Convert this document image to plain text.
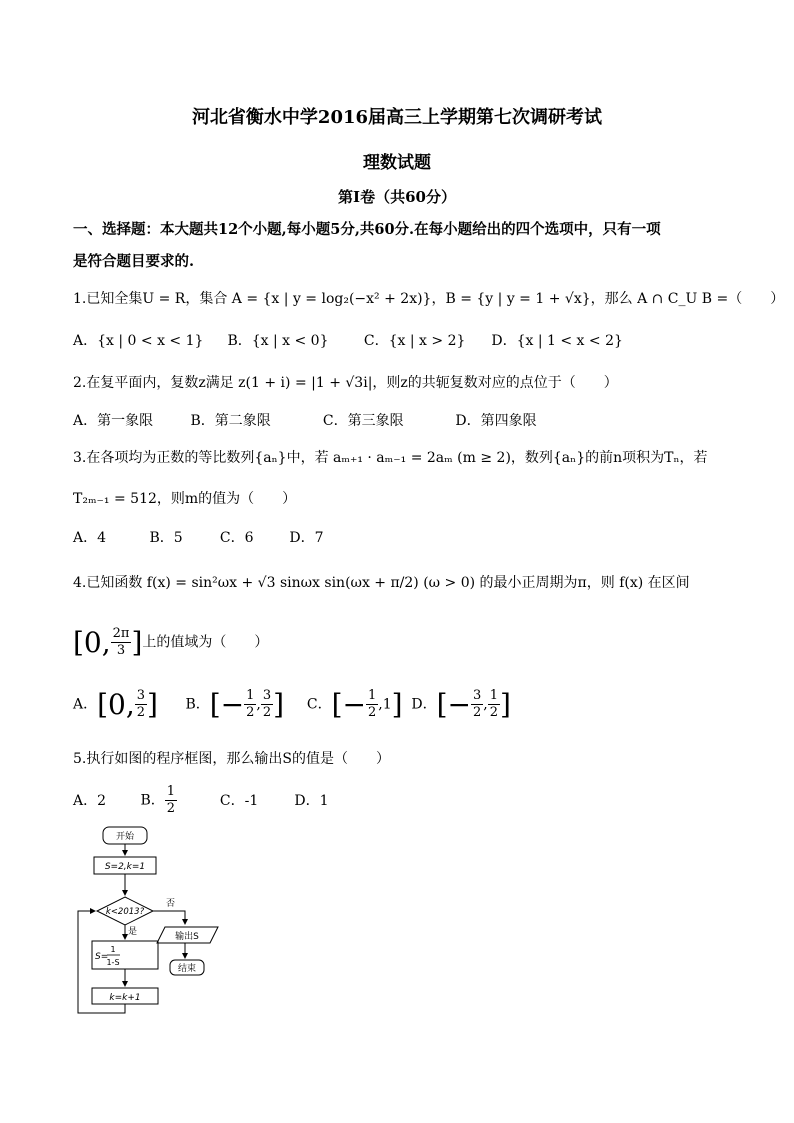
河北省衡水中学2016届高三上学期第七次调研考试
理数试题
第Ⅰ卷（共60分）
一、选择题：本大题共12个小题,每小题5分,共60分.在每小题给出的四个选项中，只有一项
是符合题目要求的.
1.已知全集U = R，集合 A = {x | y = log₂(−x² + 2x)}，B = {y | y = 1 + √x}，那么 A ∩ C_U B =（　　）
A．{x | 0 < x < 1} B．{x | x < 0}	C．{x | x > 2} D．{x | 1 < x < 2}
2.在复平面内，复数z满足 z(1 + i) = |1 + √3i|，则z的共轭复数对应的点位于（　　）
A．第一象限	B．第二象限	C．第三象限	D．第四象限
3.在各项均为正数的等比数列{aₙ}中，若 aₘ₊₁ · aₘ₋₁ = 2aₘ (m ≥ 2)，数列{aₙ}的前n项积为Tₙ，若
T₂ₘ₋₁ = 512，则m的值为（　　）
A．4	B．5	C．6	D．7
4.已知函数 f(x) = sin²ωx + √3 sinωx sin(ωx + π/2) (ω > 0) 的最小正周期为π，则 f(x) 在区间
[0, $\frac{2\pi}{3}$ ]上的值域为（　　）
A．[0, $\frac{3}{2}$ ] B．[− $\frac{1}{2}$ , $\frac{3}{2}$ ] C．[− $\frac{1}{2} ,1$] D．[− $\frac{3}{2}$ , $\frac{1}{2}$ ]
5.执行如图的程序框图，那么输出S的值是（　　）
A．2 B． $\frac{1}{2}$	C．-1	D．1
开始
S=2,k=1
k<2013?
否
是
S=
1
1-S
输出S
结束
k=k+1
